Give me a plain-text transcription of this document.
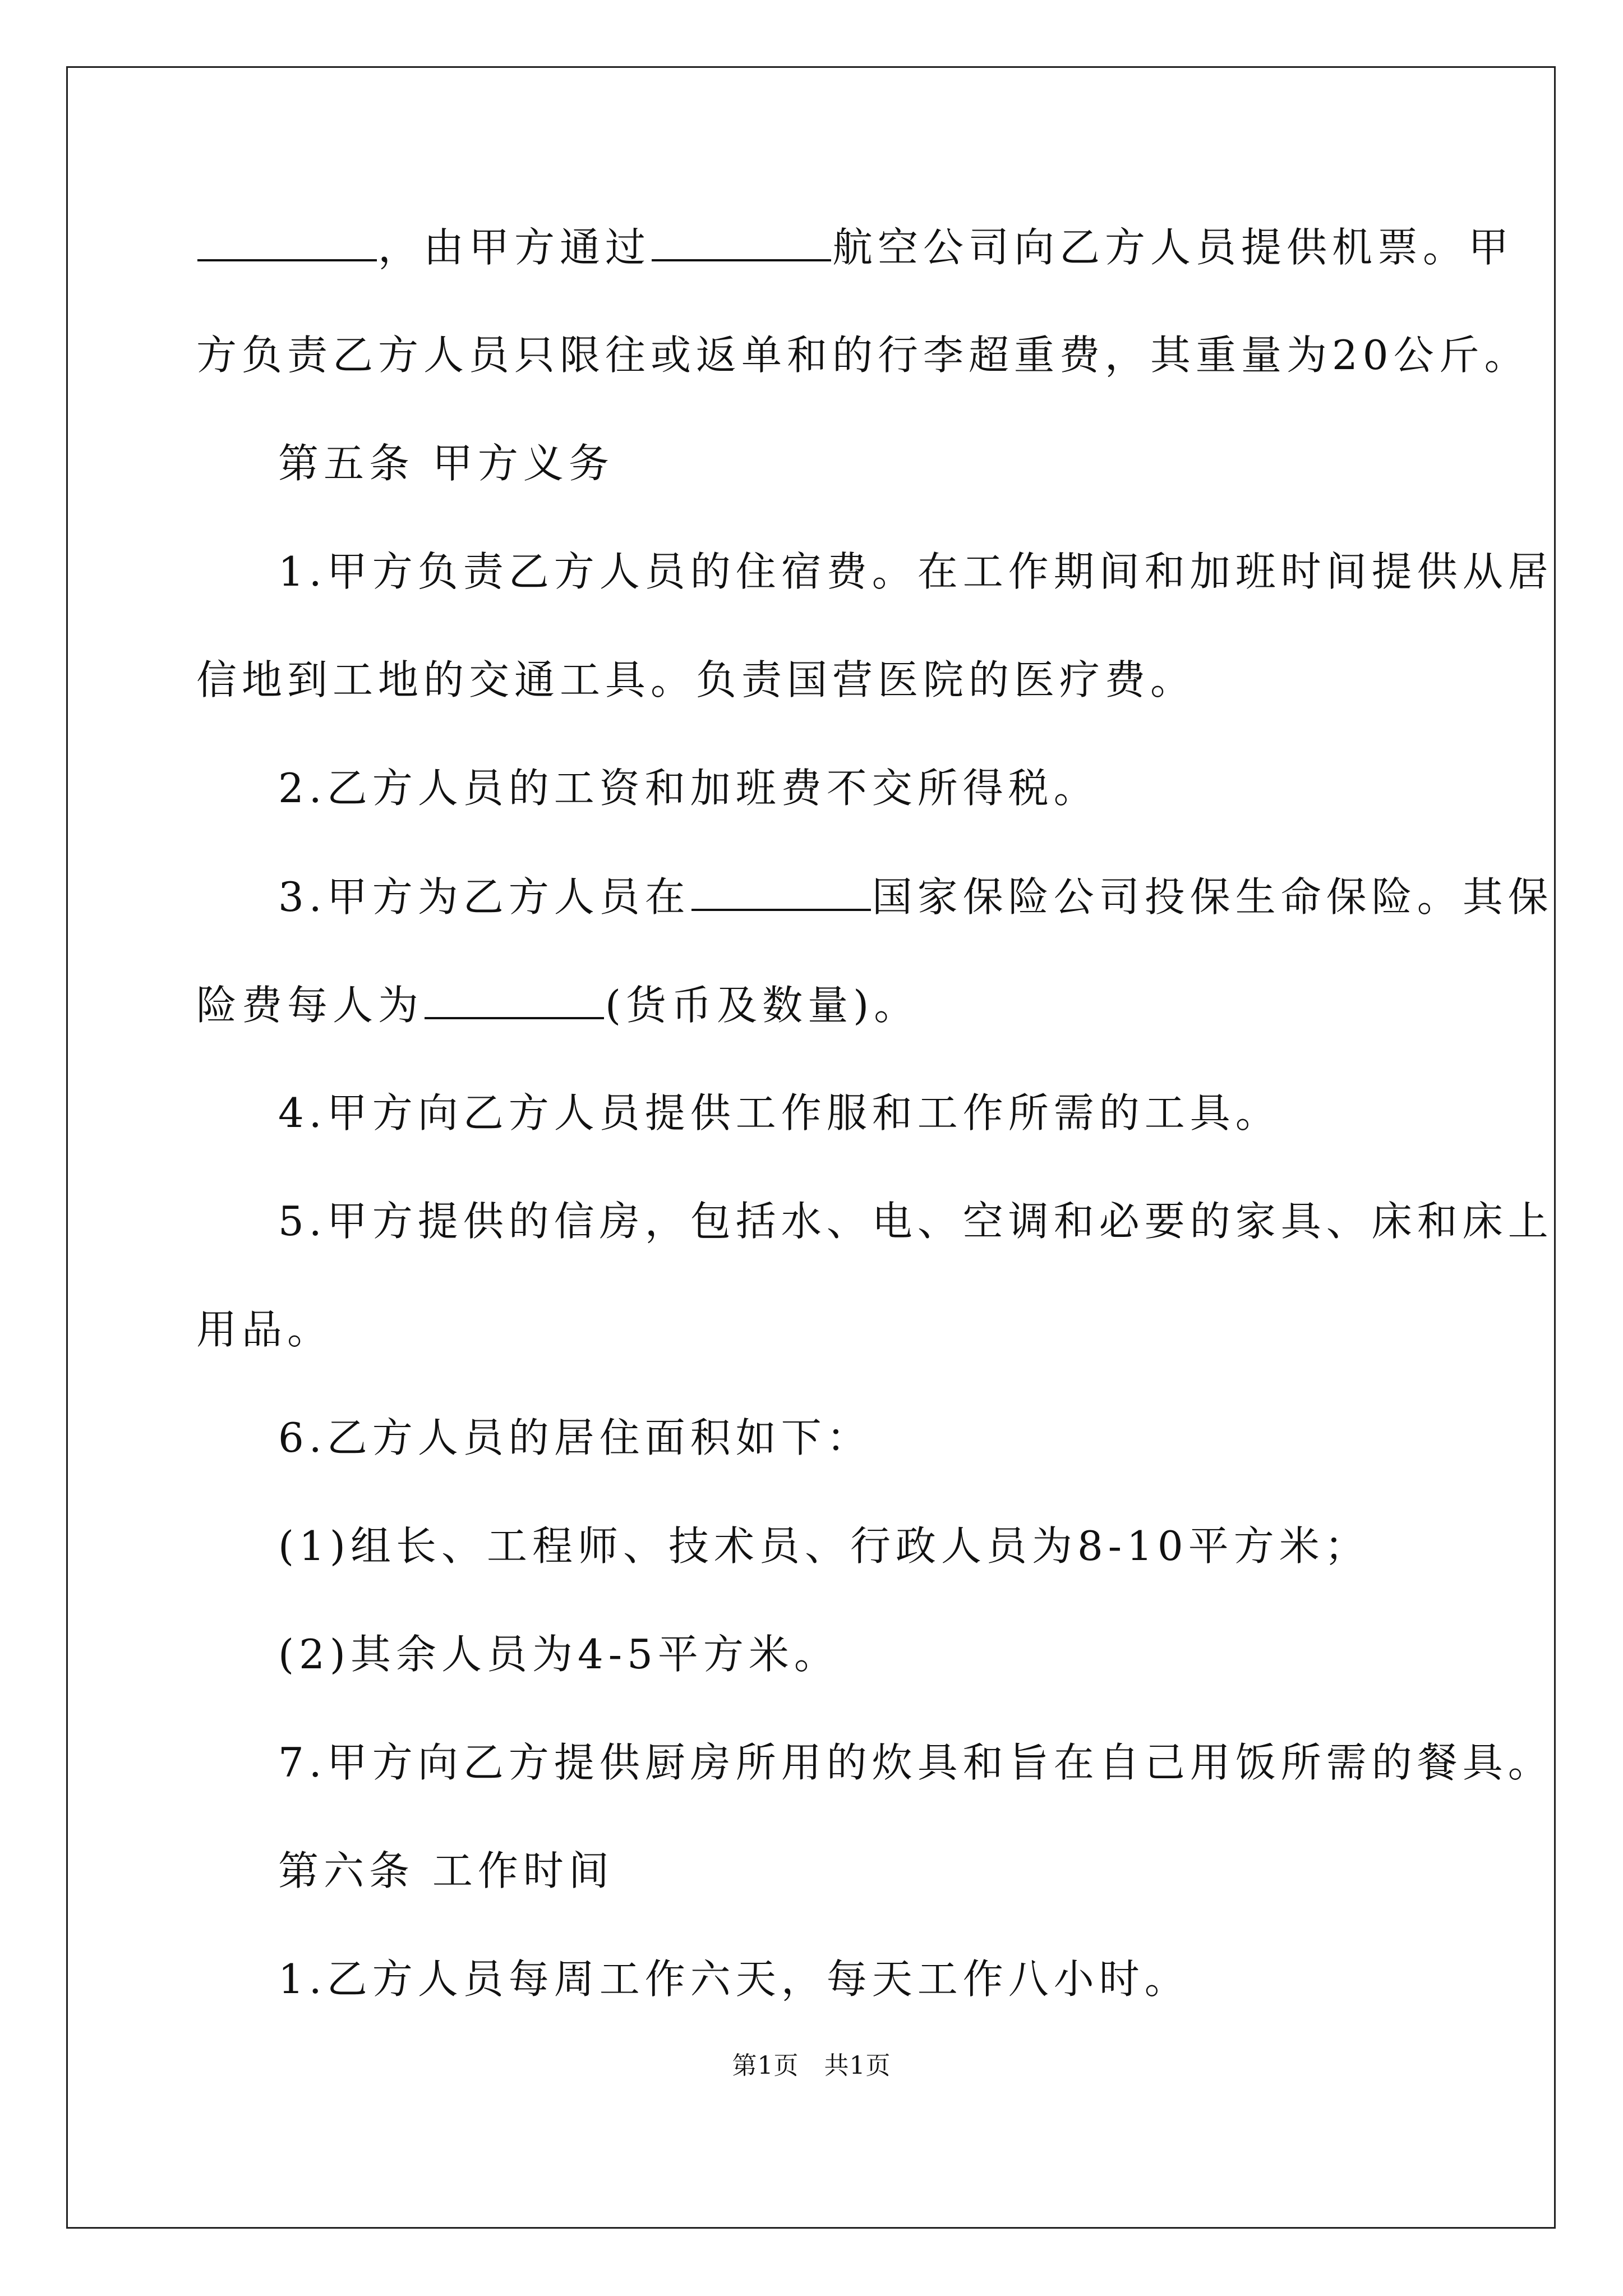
，由甲方通过	航空公司向乙方人员提供机票。甲
方负责乙方人员只限往或返单和的行李超重费，其重量为20公斤。
第五条 甲方义务
1.甲方负责乙方人员的住宿费。在工作期间和加班时间提供从居
信地到工地的交通工具。负责国营医院的医疗费。
2.乙方人员的工资和加班费不交所得税。
3.甲方为乙方人员在	国家保险公司投保生命保险。其保
险费每人为	(货币及数量)。
4.甲方向乙方人员提供工作服和工作所需的工具。
5.甲方提供的信房，包括水、电、空调和必要的家具、床和床上
用品。
6.乙方人员的居住面积如下：
(1)组长、工程师、技术员、行政人员为8-10平方米；
(2)其余人员为4-5平方米。
7.甲方向乙方提供厨房所用的炊具和旨在自己用饭所需的餐具。
第六条 工作时间
1.乙方人员每周工作六天，每天工作八小时。
第1页　共1页
